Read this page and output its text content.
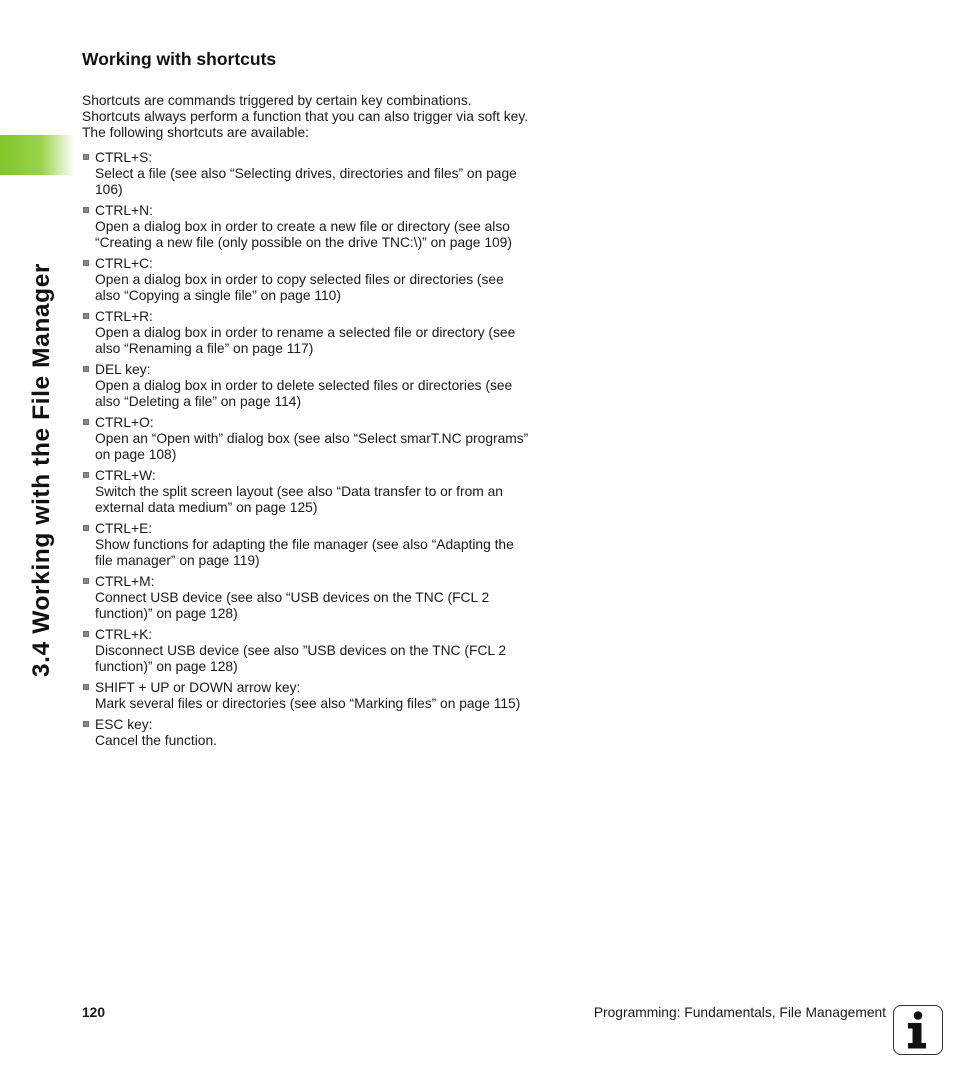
3.4 Working with the File Manager
Working with shortcuts

Shortcuts are commands triggered by certain key combinations. Shortcuts always perform a function that you can also trigger via soft key. The following shortcuts are available:

CTRL+S:
Select a file (see also “Selecting drives, directories and files” on page 106)
CTRL+N:
Open a dialog box in order to create a new file or directory (see also “Creating a new file (only possible on the drive TNC:\)” on page 109)
CTRL+C:
Open a dialog box in order to copy selected files or directories (see also “Copying a single file” on page 110)
CTRL+R:
Open a dialog box in order to rename a selected file or directory (see also “Renaming a file” on page 117)
DEL key:
Open a dialog box in order to delete selected files or directories (see also “Deleting a file” on page 114)
CTRL+O:
Open an “Open with” dialog box (see also “Select smarT.NC programs” on page 108)
CTRL+W:
Switch the split screen layout (see also “Data transfer to or from an external data medium” on page 125)
CTRL+E:
Show functions for adapting the file manager (see also “Adapting the file manager” on page 119)
CTRL+M:
Connect USB device (see also “USB devices on the TNC (FCL 2 function)” on page 128)
CTRL+K:
Disconnect USB device (see also ”USB devices on the TNC (FCL 2 function)” on page 128)
SHIFT + UP or DOWN arrow key:
Mark several files or directories (see also “Marking files” on page 115)
ESC key:
Cancel the function.
120	Programming: Fundamentals, File Management
